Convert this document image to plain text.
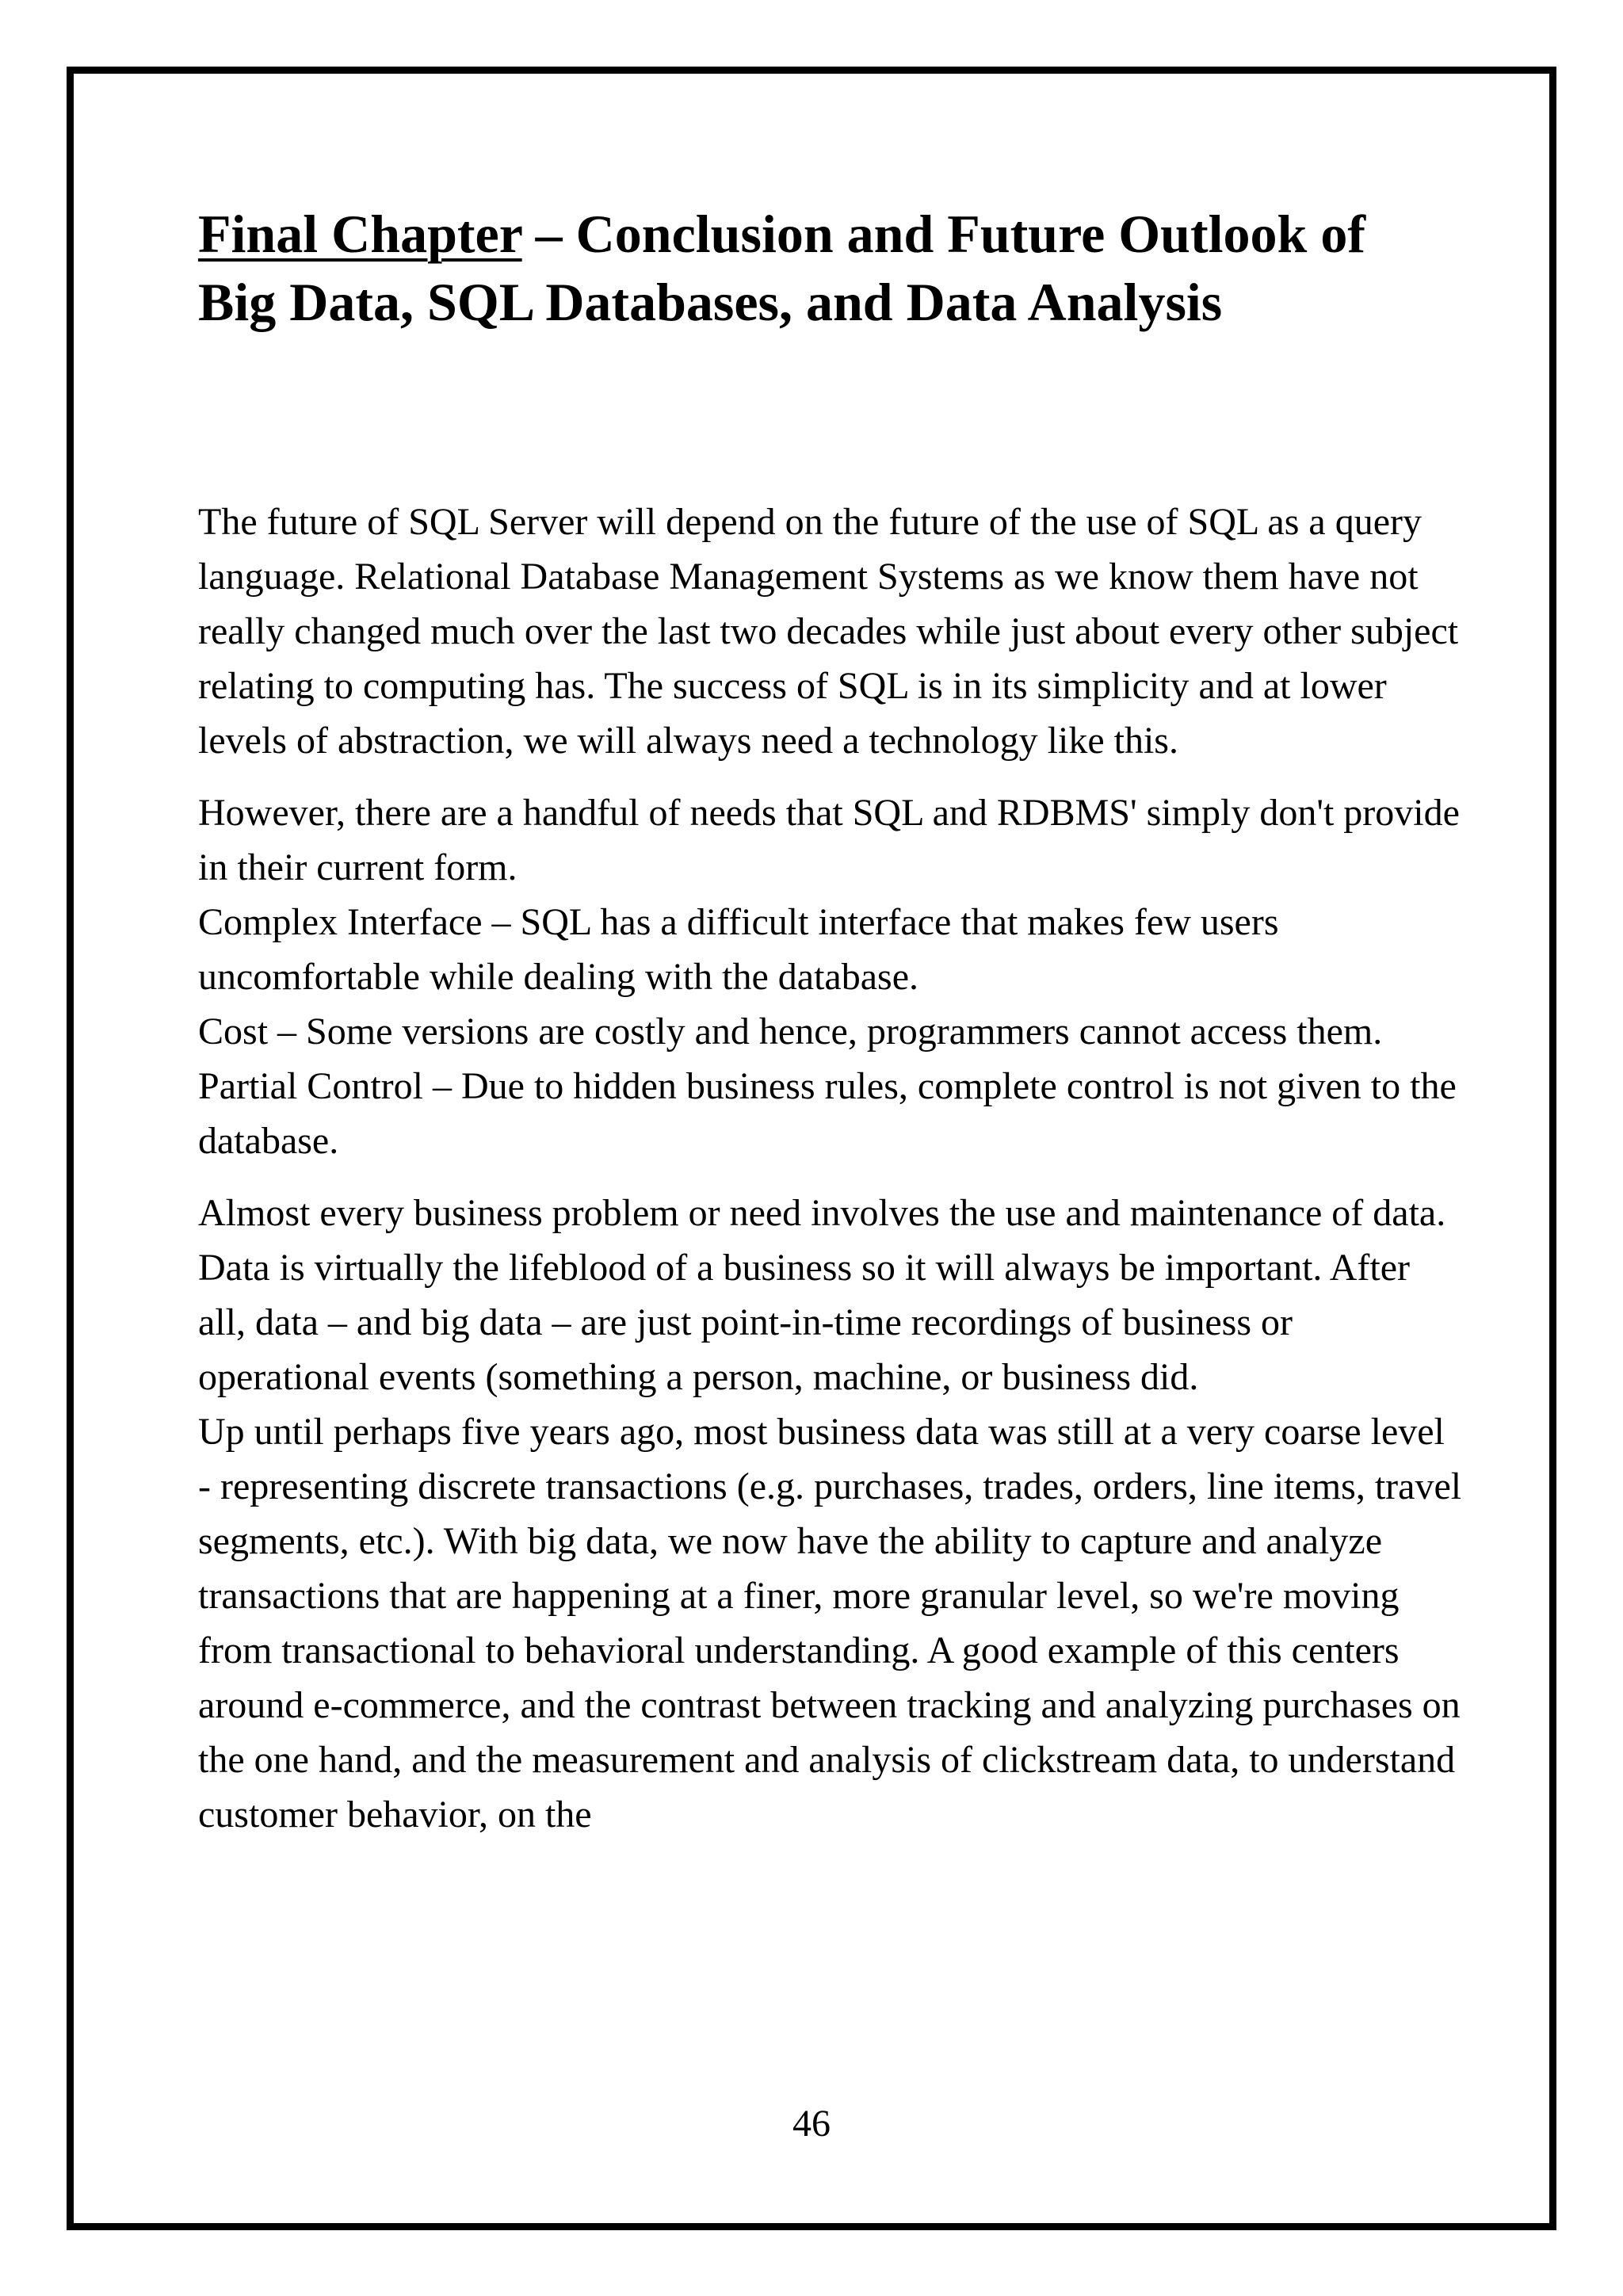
Final Chapter – Conclusion and Future Outlook of Big Data, SQL Databases, and Data Analysis

The future of SQL Server will depend on the future of the use of SQL as a query language. Relational Database Management Systems as we know them have not really changed much over the last two decades while just about every other subject relating to computing has. The success of SQL is in its simplicity and at lower levels of abstraction, we will always need a technology like this.

However, there are a handful of needs that SQL and RDBMS' simply don't provide in their current form.

Complex Interface – SQL has a difficult interface that makes few users uncomfortable while dealing with the database.

Cost – Some versions are costly and hence, programmers cannot access them.

Partial Control – Due to hidden business rules, complete control is not given to the database.

Almost every business problem or need involves the use and maintenance of data. Data is virtually the lifeblood of a business so it will always be important. After all, data – and big data – are just point-in-time recordings of business or operational events (something a person, machine, or business did.

Up until perhaps five years ago, most business data was still at a very coarse level - representing discrete transactions (e.g. purchases, trades, orders, line items, travel segments, etc.). With big data, we now have the ability to capture and analyze transactions that are happening at a finer, more granular level, so we're moving from transactional to behavioral understanding. A good example of this centers around e-commerce, and the contrast between tracking and analyzing purchases on the one hand, and the measurement and analysis of clickstream data, to understand customer behavior, on the

46
